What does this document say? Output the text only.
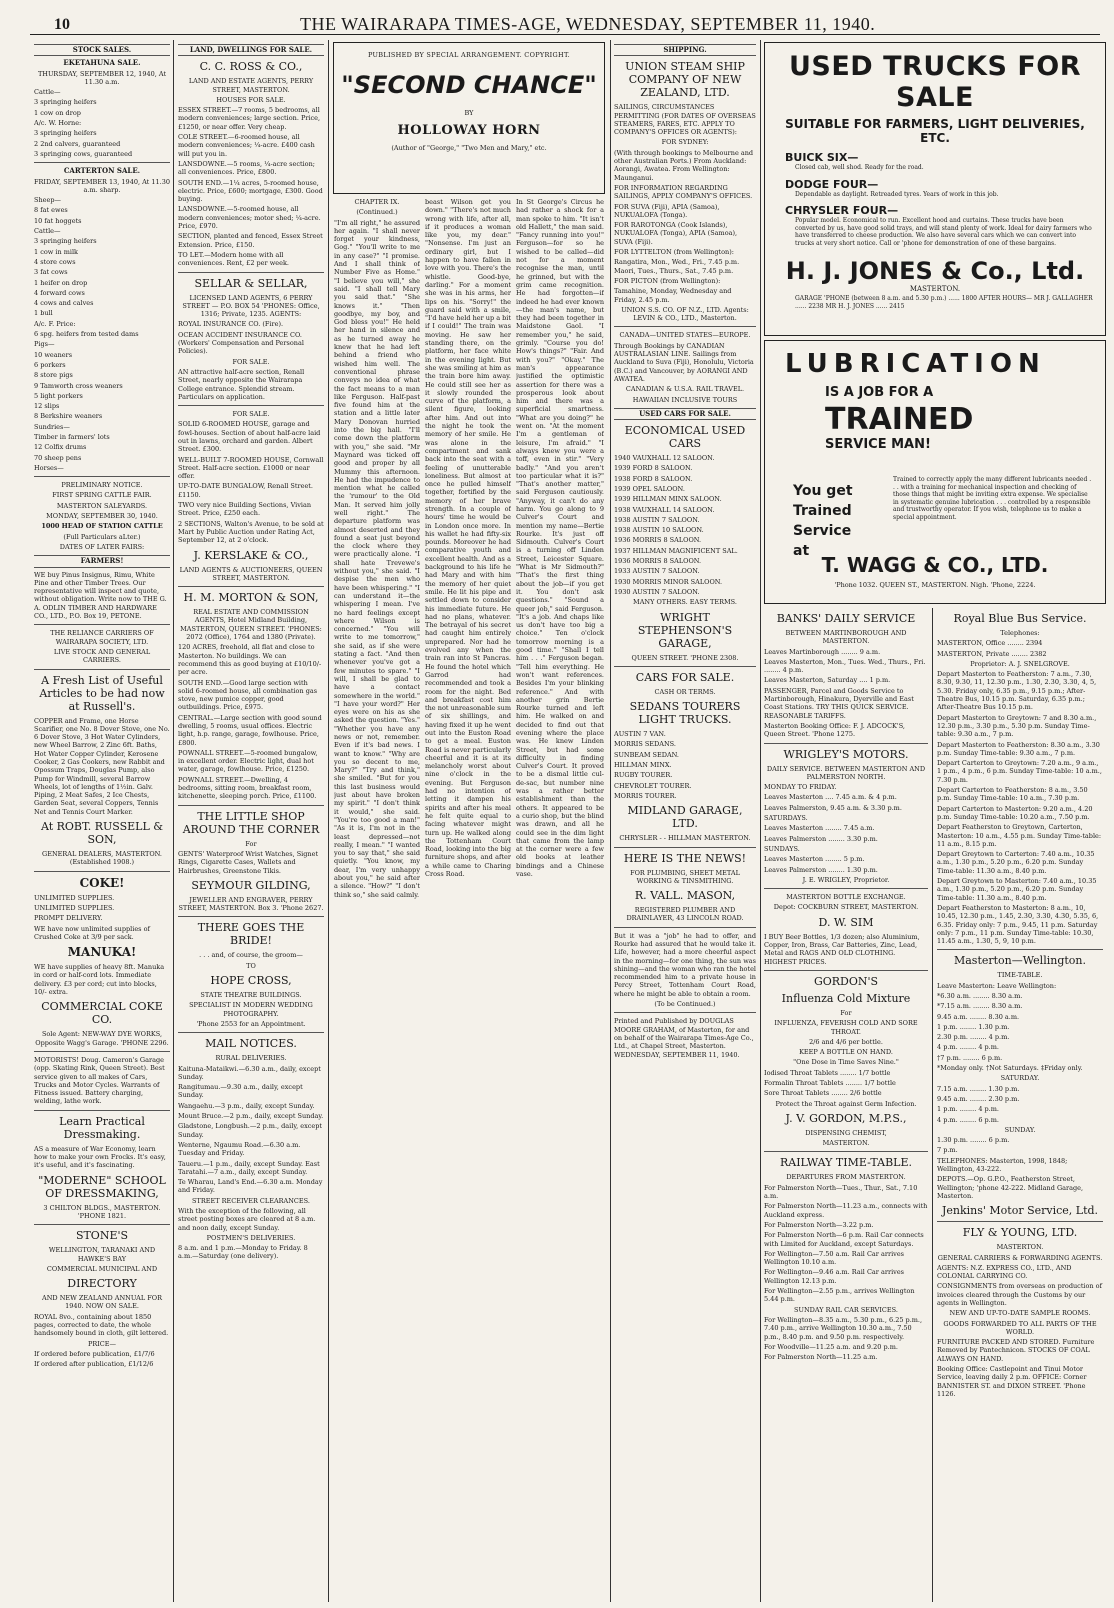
10	THE WAIRARAPA TIMES-AGE, WEDNESDAY, SEPTEMBER 11, 1940.
STOCK SALES.
EKETAHUNA SALE.
THURSDAY, SEPTEMBER 12, 1940, At 11.30 a.m.
Cattle—
3 springing heifers
1 cow on drop
A/c. W. Horne:
3 springing heifers
2 2nd calvers, guaranteed
3 springing cows, guaranteed
CARTERTON SALE.
FRIDAY, SEPTEMBER 13, 1940, At 11.30 a.m. sharp.
Sheep—
8 fat ewes
10 fat hoggets
Cattle—
3 springing heifers
1 cow in milk
4 store cows
3 fat cows
1 heifer on drop
4 forward cows
4 cows and calves
1 bull
A/c. F. Price:
6 spg. heifers from tested dams
Pigs—
10 weaners
6 porkers
8 store pigs
9 Tamworth cross weaners
5 light porkers
12 slips
8 Berkshire weaners
Sundries—
Timber in farmers' lots
12 Colfix drums
70 sheep pens
Horses—
PRELIMINARY NOTICE.
FIRST SPRING CATTLE FAIR.
MASTERTON SALEYARDS.
MONDAY, SEPTEMBER 30, 1940.
1000 HEAD OF STATION CATTLE
(Full Particulars aLter.)
DATES OF LATER FAIRS:
FARMERS!
WE buy Pinus Insignus, Rimu, White Pine and other Timber Trees. Our representative will inspect and quote, without obligation. Write now to THE G. A. ODLIN TIMBER AND HARDWARE CO., LTD., P.O. Box 19, PETONE.
THE RELIANCE CARRIERS OF WAIRARAPA SOCIETY, LTD.
LIVE STOCK AND GENERAL CARRIERS.
A Fresh List of Useful Articles to be had now at Russell's.
COPPER and Frame, one Horse Scarifier, one No. 8 Dover Stove, one No. 6 Dover Stove, 3 Hot Water Cylinders, new Wheel Barrow, 2 Zinc 6ft. Baths, Hot Water Copper Cylinder, Kerosene Cooker, 2 Gas Cookers, new Rabbit and Opossum Traps, Douglas Pump, also Pump for Windmill, several Barrow Wheels, lot of lengths of 1½in. Galv. Piping, 2 Meat Safes, 2 Ice Chests, Garden Seat, several Coppers, Tennis Net and Tennis Court Marker.
At ROBT. RUSSELL & SON,
GENERAL DEALERS, MASTERTON. (Established 1908.)
COKE!
UNLIMITED SUPPLIES.
UNLIMITED SUPPLIES.
PROMPT DELIVERY.
WE have now unlimited supplies of Crushed Coke at 3/9 per sack.
MANUKA!
WE have supplies of heavy 8ft. Manuka in cord or half-cord lots. Immediate delivery. £3 per cord; cut into blocks, 10/- extra.
COMMERCIAL COKE CO.
Sole Agent: NEW-WAY DYE WORKS, Opposite Wagg's Garage. 'PHONE 2296.
MOTORISTS! Doug. Cameron's Garage (opp. Skating Rink, Queen Street). Best service given to all makes of Cars, Trucks and Motor Cycles. Warrants of Fitness issued. Battery charging, welding, lathe work.
Learn Practical Dressmaking.
AS a measure of War Economy, learn how to make your own Frocks. It's easy, it's useful, and it's fascinating.
"MODERNE" SCHOOL OF DRESSMAKING,
3 CHILTON BLDGS., MASTERTON. 'PHONE 1821.
STONE'S
WELLINGTON, TARANAKI AND HAWKE'S BAY
COMMERCIAL MUNICIPAL AND
DIRECTORY
AND NEW ZEALAND ANNUAL FOR 1940. NOW ON SALE.
ROYAL 8vo., containing about 1850 pages, corrected to date, the whole handsomely bound in cloth, gilt lettered.
PRICE—
If ordered before publication, £1/7/6
If ordered after publication, £1/12/6
LAND, DWELLINGS FOR SALE.
C. C. ROSS & CO.,
LAND AND ESTATE AGENTS, PERRY STREET, MASTERTON.
HOUSES FOR SALE.
ESSEX STREET.—7 rooms, 5 bedrooms, all modern conveniences; large section. Price, £1250, or near offer. Very cheap.
COLE STREET.—6-roomed house, all modern conveniences; ¼-acre. £400 cash will put you in.
LANSDOWNE.—5 rooms, ¼-acre section; all conveniences. Price, £800.
SOUTH END.—1¼ acres, 5-roomed house, electric. Price, £600; mortgage, £300. Good buying.
LANSDOWNE.—5-roomed house, all modern conveniences; motor shed; ¼-acre. Price, £970.
SECTION, planted and fenced, Essex Street Extension. Price, £150.
TO LET.—Modern home with all conveniences. Rent, £2 per week.
SELLAR & SELLAR,
LICENSED LAND AGENTS, 6 PERRY STREET — P.O. BOX 54 'PHONES: Office, 1316; Private, 1235. AGENTS:
ROYAL INSURANCE CO. (Fire).
OCEAN ACCIDENT INSURANCE CO. (Workers' Compensation and Personal Policies).
FOR SALE.
AN attractive half-acre section, Renall Street, nearly opposite the Wairarapa College entrance. Splendid stream. Particulars on application.
FOR SALE.
SOLID 6-ROOMED HOUSE, garage and fowl-houses. Section of about half-acre laid out in lawns, orchard and garden. Albert Street. £300.
WELL-BUILT 7-ROOMED HOUSE, Cornwall Street. Half-acre section. £1000 or near offer.
UP-TO-DATE BUNGALOW, Renall Street. £1150.
TWO very nice Building Sections, Vivian Street. Price, £250 each.
2 SECTIONS, Walton's Avenue, to be sold at Mart by Public Auction under Rating Act, September 12, at 2 o'clock.
J. KERSLAKE & CO.,
LAND AGENTS & AUCTIONEERS, QUEEN STREET, MASTERTON.
H. M. MORTON & SON,
REAL ESTATE AND COMMISSION AGENTS, Hotel Midland Building, MASTERTON, QUEEN STREET. 'PHONES: 2072 (Office), 1764 and 1380 (Private).
120 ACRES, freehold, all flat and close to Masterton. No buildings. We can recommend this as good buying at £10/10/- per acre.
SOUTH END.—Good large section with solid 6-roomed house, all combination gas stove, new pumice copper, good outbuildings. Price, £975.
CENTRAL.—Large section with good sound dwelling, 5 rooms, usual offices. Electric light, h.p. range, garage, fowlhouse. Price, £800.
POWNALL STREET.—5-roomed bungalow, in excellent order. Electric light, dual hot water, garage, fowlhouse. Price, £1250.
POWNALL STREET.—Dwelling, 4 bedrooms, sitting room, breakfast room, kitchenette, sleeping porch. Price, £1100.
THE LITTLE SHOP AROUND THE CORNER
For
GENTS' Waterproof Wrist Watches, Signet Rings, Cigarette Cases, Wallets and Hairbrushes, Greenstone Tikis.
SEYMOUR GILDING,
JEWELLER AND ENGRAVER, PERRY STREET, MASTERTON. Box 3. 'Phone 2627.
THERE GOES THE BRIDE!
. . . and, of course, the groom—
TO
HOPE CROSS,
STATE THEATRE BUILDINGS.
SPECIALIST IN MODERN WEDDING PHOTOGRAPHY.
'Phone 2553 for an Appointment.
MAIL NOTICES.
RURAL DELIVERIES.
Kaituna-Mataikwi.—6.30 a.m., daily, except Sunday.
Rangitumau.—9.30 a.m., daily, except Sunday.
Wangaehu.—3 p.m., daily, except Sunday.
Mount Bruce.—2 p.m., daily, except Sunday.
Gladstone, Longbush.—2 p.m., daily, except Sunday.
Wenterne, Ngaumu Road.—6.30 a.m. Tuesday and Friday.
Taueru.—1 p.m., daily, except Sunday. East Taratahi.—7 a.m., daily, except Sunday.
Te Wharau, Land's End.—6.30 a.m. Monday and Friday.
STREET RECEIVER CLEARANCES.
With the exception of the following, all street posting boxes are cleared at 8 a.m. and noon daily, except Sunday.
POSTMEN'S DELIVERIES.
8 a.m. and 1 p.m.—Monday to Friday. 8 a.m.—Saturday (one delivery).
PUBLISHED BY SPECIAL ARRANGEMENT. COPYRIGHT.
"SECOND CHANCE"
BY
HOLLOWAY HORN
(Author of "George," "Two Men and Mary," etc.
CHAPTER IX.
(Continued.)
"I'm all right," he assured her again. "I shall never forget your kindness, Gog." "You'll write to me in any case?" "I promise. And I shall think of Number Five as Home." "I believe you will," she said. "I shall tell Mary you said that." "She knows it." "Then goodbye, my boy, and God bless you!" He held her hand in silence and as he turned away he knew that he had left behind a friend who wished him well. The conventional phrase conveys no idea of what the fact means to a man like Ferguson. Half-past five found him at the station and a little later Mary Donovan hurried into the big hall. "I'll come down the platform with you," she said. "Mr Maynard was ticked off good and proper by all Mummy this afternoon. He had the impudence to mention what he called the 'rumour' to the Old Man. It served him jolly well right." The departure platform was almost deserted and they found a seat just beyond the clock where they were practically alone. "I shall hate Trevewe's without you," she said. "I despise the men who have been whispering." "I can understand it—the whispering I mean. I've no hard feelings except where Wilson is concerned." "You will write to me tomorrow," she said, as if she were stating a fact. "And then whenever you've got a few minutes to spare." "I will, I shall be glad to have a contact somewhere in the world." "I have your word?" Her eyes were on his as she asked the question. "Yes." "Whether you have any news or not, remember. Even if it's bad news. I want to know." "Why are you so decent to me, Mary?" "Try and think," she smiled. "But for you this last business would just about have broken my spirit." "I don't think it would," she said. "You're too good a man!" "As it is, I'm not in the least depressed—not really, I mean." "I wanted you to say that," she said quietly. "You know, my dear, I'm very unhappy about you," he said after a silence. "How?" "I don't think so," she said calmly.
beast Wilson get you down." "There's not much wrong with life, after all, if it produces a woman like you, my dear." "Nonsense. I'm just an ordinary girl, but I happen to have fallen in love with you. There's the whistle. Good-bye, darling." For a moment she was in his arms, her lips on his. "Sorry!" the guard said with a smile, "I'd have held her up a bit if I could!" The train was moving. He saw her standing there, on the platform, her face white in the evening light. But she was smiling at him as the train bore him away. He could still see her as it slowly rounded the curve of the platform, a silent figure, looking after him. And out into the night he took the memory of her smile. He was alone in the compartment and sank back into the seat with a feeling of unutterable loneliness. But almost at once he pulled himself together, fortified by the memory of her brave strength. In a couple of hours' time he would be in London once more. In his wallet he had fifty-six pounds. Moreover he had comparative youth and excellent health. And as a background to his life he had Mary and with him the memory of her quiet smile. He lit his pipe and settled down to consider his immediate future. He had no plans, whatever. The betrayal of his secret had caught him entirely unprepared. Nor had he evolved any when the train ran into St Pancras. He found the hotel which Garrod had recommended and took a room for the night. Bed and breakfast cost him the not unreasonable sum of six shillings, and having fixed it up he went out into the Euston Road to get a meal. Euston Road is never particularly cheerful and it is at its melancholy worst about nine o'clock in the evening. But Ferguson had no intention of letting it dampen his spirits and after his meal he felt quite equal to facing whatever might turn up. He walked along the Tottenham Court Road, looking into the big furniture shops, and after a while came to Charing Cross Road.
In St George's Circus he had rather a shock for a man spoke to him. "It isn't old Hallett," the man said. "Fancy running into you!" Ferguson—for so he wished to be called—did not for a moment recognise the man, until he grinned, but with the grim came recognition. He had forgotten—if indeed he had ever known—the man's name, but they had been together in Maidstone Gaol. "I remember you," he said, grimly. "Course you do! How's things?" "Fair. And with you?" "Okay." The man's appearance justified the optimistic assertion for there was a prosperous look about him and there was a superficial smartness. "What are you doing?" he went on. "At the moment I'm a gentleman of leisure, I'm afraid." "I always knew you were a toff, even in stir." "Very badly." "And you aren't too particular what it is?" "That's another matter," said Ferguson cautiously. "Anyway, it can't do any harm. You go along to 9 Culver's Court and mention my name—Bertie Rourke. It's just off Sidmouth. Culver's Court is a turning off Linden Street, Leicester Square. "What is Mr Sidmouth?" "That's the first thing about the job—if you get it. You don't ask questions." "Sound a queer job," said Ferguson. "It's a job. And chaps like us don't have too big a choice." Ten o'clock tomorrow morning is a good time." "Shall I tell him . . ." Ferguson began. "Tell him everything. He won't want references. Besides I'm your blinking reference." And with another grin Bertie Rourke turned and left him. He walked on and decided to find out that evening where the place was. He knew Linden Street, but had some difficulty in finding Culver's Court. It proved to be a dismal little cul-de-sac, but number nine was a rather better establishment than the others. It appeared to be a curio shop, but the blind was drawn, and all he could see in the dim light that came from the lamp at the corner were a few old books at leather bindings and a Chinese vase.
SHIPPING.
UNION STEAM SHIP COMPANY OF NEW ZEALAND, LTD.
SAILINGS, CIRCUMSTANCES PERMITTING (FOR DATES OF OVERSEAS STEAMERS, FARES, ETC. APPLY TO COMPANY'S OFFICES OR AGENTS):
FOR SYDNEY:
(With through bookings to Melbourne and other Australian Ports.) From Auckland: Aorangi, Awatea. From Wellington: Maunganui.
FOR INFORMATION REGARDING SAILINGS, APPLY COMPANY'S OFFICES.
FOR SUVA (Fiji), APIA (Samoa), NUKUALOFA (Tonga).
FOR RAROTONGA (Cook Islands), NUKUALOFA (Tonga), APIA (Samoa), SUVA (Fiji).
FOR LYTTELTON (from Wellington):
Rangatira, Mon., Wed., Fri., 7.45 p.m. Maori, Tues., Thurs., Sat., 7.45 p.m.
FOR PICTON (from Wellington):
Tamahine, Monday, Wednesday and Friday, 2.45 p.m.
UNION S.S. CO. OF N.Z., LTD. Agents: LEVIN & CO., LTD., Masterton.
CANADA—UNITED STATES—EUROPE.
Through Bookings by CANADIAN AUSTRALASIAN LINE. Sailings from Auckland to Suva (Fiji), Honolulu, Victoria (B.C.) and Vancouver, by AORANGI AND AWATEA.
CANADIAN & U.S.A. RAIL TRAVEL.
HAWAIIAN INCLUSIVE TOURS
USED CARS FOR SALE.
ECONOMICAL USED CARS
1940 VAUXHALL 12 SALOON.
1939 FORD 8 SALOON.
1938 FORD 8 SALOON.
1939 OPEL SALOON.
1939 HILLMAN MINX SALOON.
1938 VAUXHALL 14 SALOON.
1938 AUSTIN 7 SALOON.
1938 AUSTIN 10 SALOON.
1936 MORRIS 8 SALOON.
1937 HILLMAN MAGNIFICENT SAL.
1936 MORRIS 8 SALOON.
1933 AUSTIN 7 SALOON.
1930 MORRIS MINOR SALOON.
1930 AUSTIN 7 SALOON.
MANY OTHERS. EASY TERMS.
WRIGHT STEPHENSON'S GARAGE,
QUEEN STREET. 'PHONE 2308.
CARS FOR SALE.
CASH OR TERMS.
SEDANS TOURERS LIGHT TRUCKS.
AUSTIN 7 VAN.
MORRIS SEDANS.
SUNBEAM SEDAN.
HILLMAN MINX.
RUGBY TOURER.
CHEVROLET TOURER.
MORRIS TOURER.
MIDLAND GARAGE, LTD.
CHRYSLER - - HILLMAN MASTERTON.
HERE IS THE NEWS!
FOR PLUMBING, SHEET METAL WORKING & TINSMITHING.
R. VALL. MASON,
REGISTERED PLUMBER AND DRAINLAYER, 43 LINCOLN ROAD.
But it was a "job" he had to offer, and Rourke had assured that he would take it. Life, however, had a more cheerful aspect in the morning—for one thing, the sun was shining—and the woman who ran the hotel recommended him to a private house in Percy Street, Tottenham Court Road, where he might be able to obtain a room.
(To be Continued.)
Printed and Published by DOUGLAS MOORE GRAHAM, of Masterton, for and on behalf of the Wairarapa Times-Age Co., Ltd., at Chapel Street, Masterton. WEDNESDAY, SEPTEMBER 11, 1940.
USED TRUCKS FOR SALE
SUITABLE FOR FARMERS, LIGHT DELIVERIES, ETC.
BUICK SIX—
Closed cab, well shod. Ready for the road.
DODGE FOUR—
Dependable as daylight. Retreaded tyres. Years of work in this job.
CHRYSLER FOUR—
Popular model. Economical to run. Excellent hood and curtains. These trucks have been converted by us, have good solid trays, and will stand plenty of work. Ideal for dairy farmers who have transferred to cheese production. We also have several cars which we can convert into trucks at very short notice. Call or 'phone for demonstration of one of these bargains.
H. J. JONES & Co., Ltd.
MASTERTON.
GARAGE 'PHONE (between 8 a.m. and 5.30 p.m.) ...... 1800 AFTER HOURS— MR J. GALLAGHER ...... 2238 MR H. J. JONES ...... 2415
LUBRICATION
IS A JOB FOR A
TRAINED
SERVICE MAN!
You get
Trained
Service
at
Trained to correctly apply the many different lubricants needed . . . with a training for mechanical inspection and checking of those things that might be inviting extra expense. We specialise in systematic genuine lubrication . . . controlled by a responsible and trustworthy operator. If you wish, telephone us to make a special appointment.
T. WAGG & CO., LTD.
'Phone 1032. QUEEN ST., MASTERTON. Nigh. 'Phone, 2224.
BANKS' DAILY SERVICE
BETWEEN MARTINBOROUGH AND MASTERTON.
Leaves Martinborough ........ 9 a.m.
Leaves Masterton, Mon., Tues. Wed., Thurs., Fri. ........ 4 p.m.
Leaves Masterton, Saturday .... 1 p.m.
PASSENGER, Parcel and Goods Service to Martinborough, Hinakura, Dyerville and East Coast Stations. TRY THIS QUICK SERVICE. REASONABLE TARIFFS.
Masterton Booking Office: F. J. ADCOCK'S, Queen Street. 'Phone 1275.
WRIGLEY'S MOTORS.
DAILY SERVICE. BETWEEN MASTERTON AND PALMERSTON NORTH.
MONDAY TO FRIDAY.
Leaves Masterton .... 7.45 a.m. & 4 p.m.
Leaves Palmerston, 9.45 a.m. & 3.30 p.m.
SATURDAYS.
Leaves Masterton ........ 7.45 a.m.
Leaves Palmerston ........ 3.30 p.m.
SUNDAYS.
Leaves Masterton ........ 5 p.m.
Leaves Palmerston ........ 1.30 p.m.
J. E. WRIGLEY, Proprietor.
MASTERTON BOTTLE EXCHANGE.
Depot: COCKBURN STREET, MASTERTON.
D. W. SIM
I BUY Beer Bottles, 1/3 dozen; also Aluminium, Copper, Iron, Brass, Car Batteries, Zinc, Lead, Metal and RAGS AND OLD CLOTHING. HIGHEST PRICES.
GORDON'S
Influenza Cold Mixture
For
INFLUENZA, FEVERISH COLD AND SORE THROAT.
2/6 and 4/6 per bottle.
KEEP A BOTTLE ON HAND.
"One Dose in Time Saves Nine."
Iodised Throat Tablets ........ 1/7 bottle
Formalin Throat Tablets ........ 1/7 bottle
Sore Throat Tablets ........ 2/6 bottle
Protect the Throat against Germ Infection.
J. V. GORDON, M.P.S.,
DISPENSING CHEMIST,
MASTERTON.
RAILWAY TIME-TABLE.
DEPARTURES FROM MASTERTON.
For Palmerston North—Tues., Thur., Sat., 7.10 a.m.
For Palmerston North—11.23 a.m., connects with Auckland express.
For Palmerston North—3.22 p.m.
For Palmerston North—6 p.m. Rail Car connects with Limited for Auckland, except Saturdays.
For Wellington—7.50 a.m. Rail Car arrives Wellington 10.10 a.m.
For Wellington—9.46 a.m. Rail Car arrives Wellington 12.13 p.m.
For Wellington—2.55 p.m., arrives Wellington 5.44 p.m.
SUNDAY RAIL CAR SERVICES.
For Wellington—8.35 a.m., 5.30 p.m., 6.25 p.m., 7.40 p.m., arrive Wellington 10.30 a.m., 7.50 p.m., 8.40 p.m. and 9.50 p.m. respectively.
For Woodville—11.25 a.m. and 9.20 p.m.
For Palmerston North—11.25 a.m.
Royal Blue Bus Service.
Telephones:
MASTERTON, Office ........ 2394
MASTERTON, Private ........ 2382
Proprietor: A. J. SNELGROVE.
Depart Masterton to Featherston: 7 a.m., 7.30, 8.30, 9.30, 11, 12.30 p.m., 1.30, 2.30, 3.30, 4, 5, 5.30. Friday only, 6.35 p.m., 9.15 p.m.; After-Theatre Bus, 10.15 p.m. Saturday, 6.35 p.m.; After-Theatre Bus 10.15 p.m.
Depart Masterton to Greytown: 7 and 8.30 a.m., 12.30 p.m., 3.30 p.m., 5.30 p.m. Sunday Time-table: 9.30 a.m., 7 p.m.
Depart Masterton to Featherston: 8.30 a.m., 3.30 p.m. Sunday Time-table: 9.30 a.m., 7 p.m.
Depart Carterton to Greytown: 7.20 a.m., 9 a.m., 1 p.m., 4 p.m., 6 p.m. Sunday Time-table: 10 a.m., 7.30 p.m.
Depart Carterton to Featherston: 8 a.m., 3.50 p.m. Sunday Time-table: 10 a.m., 7.30 p.m.
Depart Carterton to Masterton: 9.20 a.m., 4.20 p.m. Sunday Time-table: 10.20 a.m., 7.50 p.m.
Depart Featherston to Greytown, Carterton, Masterton: 10 a.m., 4.55 p.m. Sunday Time-table: 11 a.m., 8.15 p.m.
Depart Greytown to Carterton: 7.40 a.m., 10.35 a.m., 1.30 p.m., 5.20 p.m., 6.20 p.m. Sunday Time-table: 11.30 a.m., 8.40 p.m.
Depart Greytown to Masterton: 7.40 a.m., 10.35 a.m., 1.30 p.m., 5.20 p.m., 6.20 p.m. Sunday Time-table: 11.30 a.m., 8.40 p.m.
Depart Featherston to Masterton: 8 a.m., 10, 10.45, 12.30 p.m., 1.45, 2.30, 3.30, 4.30, 5.35, 6, 6.35. Friday only: 7 p.m., 9.45, 11 p.m. Saturday only: 7 p.m., 11 p.m. Sunday Time-table: 10.30, 11.45 a.m., 1.30, 5, 9, 10 p.m.
Masterton—Wellington.
TIME-TABLE.
Leave Masterton: Leave Wellington:
*6.30 a.m. ........ 8.30 a.m.
*7.15 a.m. ........ 8.30 a.m.
9.45 a.m. ........ 8.30 a.m.
1 p.m. ........ 1.30 p.m.
2.30 p.m. ........ 4 p.m.
4 p.m. ........ 4 p.m.
†7 p.m. ........ 6 p.m.
*Monday only. †Not Saturdays. ‡Friday only.
SATURDAY.
7.15 a.m. ........ 1.30 p.m.
9.45 a.m. ........ 2.30 p.m.
1 p.m. ........ 4 p.m.
4 p.m. ........ 6 p.m.
SUNDAY.
1.30 p.m. ........ 6 p.m.
7 p.m.
TELEPHONES: Masterton, 1998, 1848; Wellington, 43-222.
DEPOTS.—Op. G.P.O., Featherston Street, Wellington; 'phone 42-222. Midland Garage, Masterton.
Jenkins' Motor Service, Ltd.
FLY & YOUNG, LTD.
MASTERTON.
GENERAL CARRIERS & FORWARDING AGENTS.
AGENTS: N.Z. EXPRESS CO., LTD., AND COLONIAL CARRYING CO.
CONSIGNMENTS from overseas on production of invoices cleared through the Customs by our agents in Wellington.
NEW AND UP-TO-DATE SAMPLE ROOMS.
GOODS FORWARDED TO ALL PARTS OF THE WORLD.
FURNITURE PACKED AND STORED. Furniture Removed by Pantechnicon. STOCKS OF COAL ALWAYS ON HAND.
Booking Office: Castlepoint and Tinui Motor Service, leaving daily 2 p.m. OFFICE: Corner BANNISTER ST. and DIXON STREET. 'Phone 1126.
